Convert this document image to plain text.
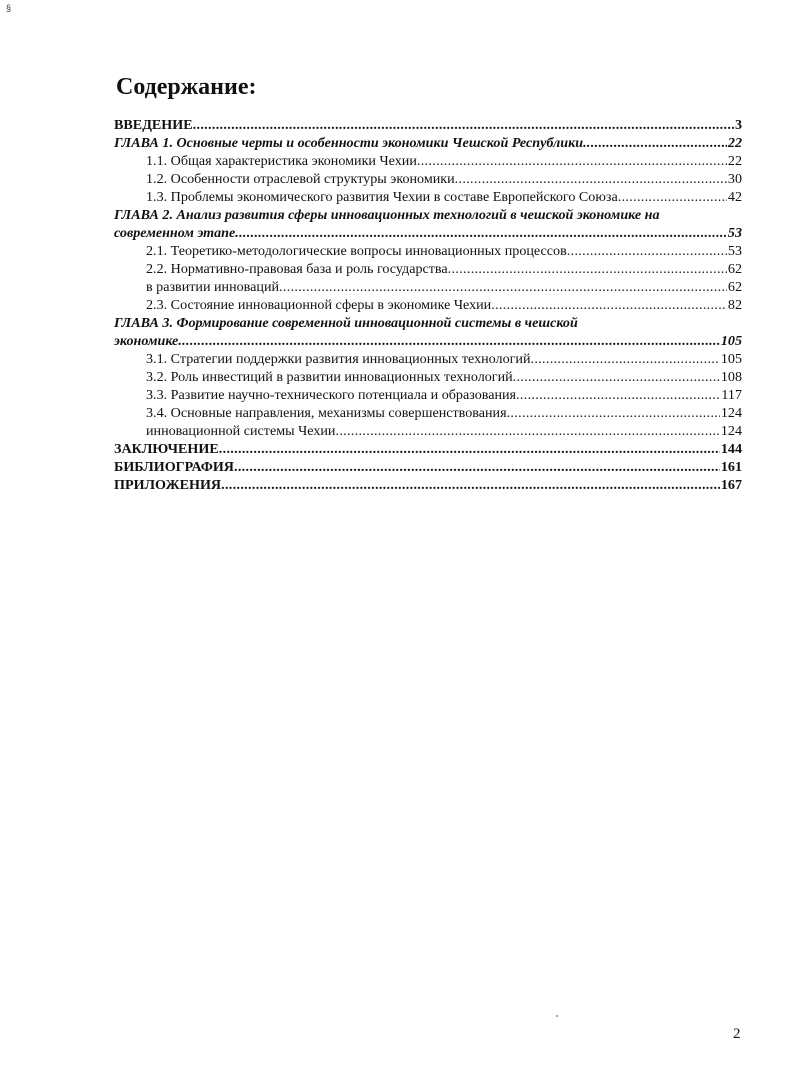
§
Содержание:
ВВЕДЕНИЕ . . .	3
ГЛАВА 1. Основные черты и особенности экономики Чешской Республики . . .	22
1.1. Общая характеристика экономики Чехии . . .	22
1.2. Особенности отраслевой структуры экономики . . .	30
1.3. Проблемы экономического развития Чехии в составе Европейского Союза . . .	42
ГЛАВА 2. Анализ развития сферы инновационных технологий в чешской экономике на
современном этапе . . .	53
2.1. Теоретико-методологические вопросы инновационных процессов . . .	53
2.2. Нормативно-правовая база и роль государства . . .	62
в развитии инноваций . . .	62
2.3. Состояние инновационной сферы в экономике Чехии . . .	82
ГЛАВА 3. Формирование современной инновационной системы в чешской
экономике . . .	105
3.1. Стратегии поддержки развития инновационных технологий . . .	105
3.2. Роль инвестиций в развитии инновационных технологий . . .	108
3.3. Развитие научно-технического потенциала и образования . . .	117
3.4. Основные направления, механизмы совершенствования . . .	124
инновационной системы Чехии . . .	124
ЗАКЛЮЧЕНИЕ . . .	144
БИБЛИОГРАФИЯ . . .	161
ПРИЛОЖЕНИЯ . . .	167
2
